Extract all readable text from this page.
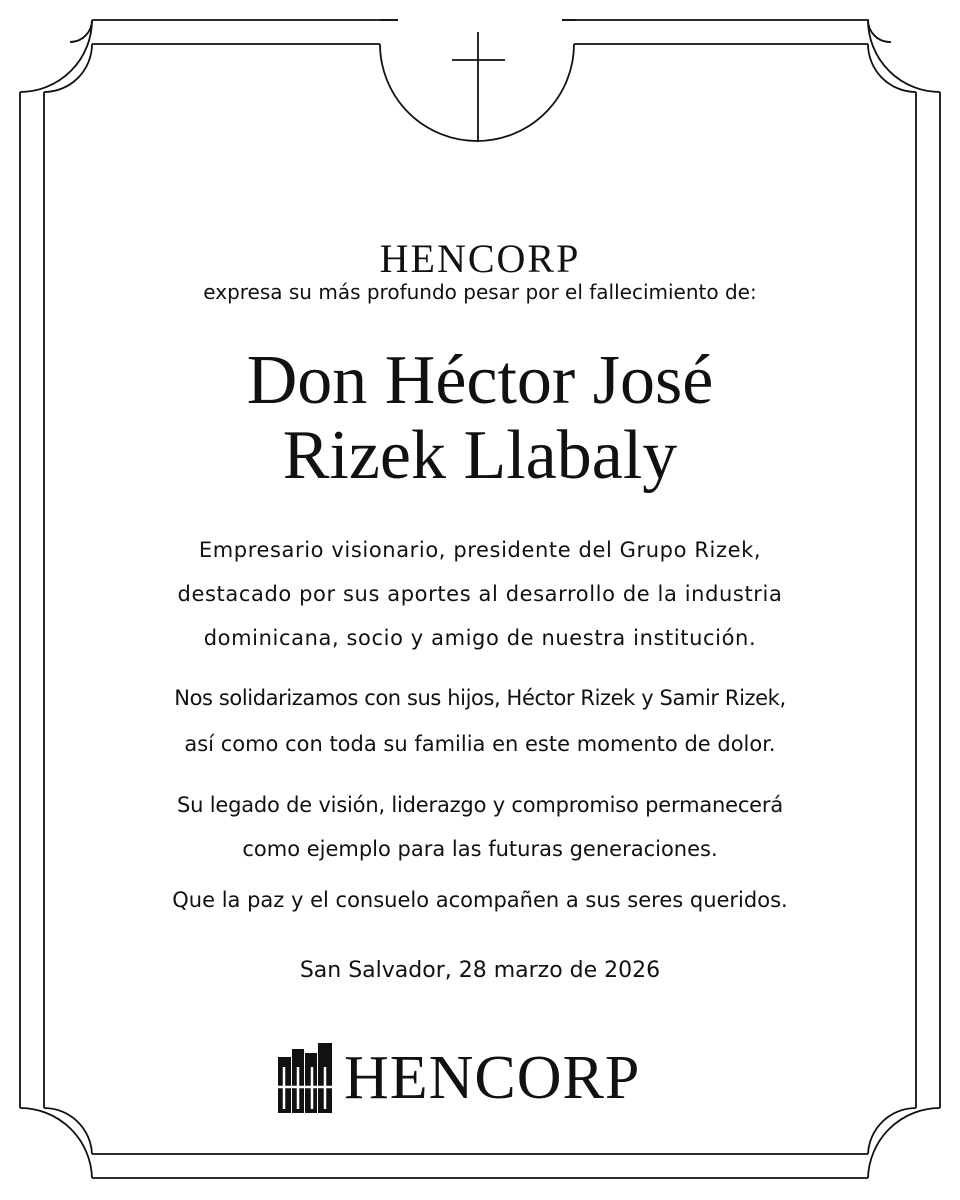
HENCORP

expresa su más profundo pesar por el fallecimiento de:

Don Héctor José

Rizek Llabaly

Empresario visionario, presidente del Grupo Rizek,
destacado por sus aportes al desarrollo de la industria
dominicana, socio y amigo de nuestra institución.
Nos solidarizamos con sus hijos, Héctor Rizek y Samir Rizek,
así como con toda su familia en este momento de dolor.
Su legado de visión, liderazgo y compromiso permanecerá
como ejemplo para las futuras generaciones.

Que la paz y el consuelo acompañen a sus seres queridos.

San Salvador, 28 marzo de 2026

HENCORP
